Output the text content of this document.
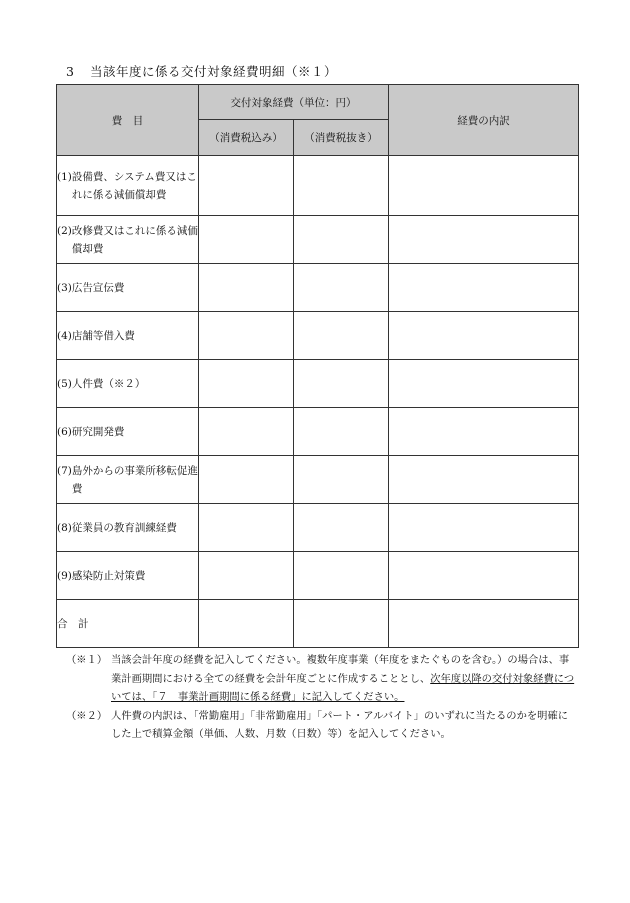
3 当該年度に係る交付対象経費明細（※１）
費　目	交付対象経費（単位：円）		経費の内訳
	（消費税込み）	（消費税抜き）	

(1) 設備費、システム費又はこれに係る減価償却費			

(2) 改修費又はこれに係る減価償却費			

(3) 広告宣伝費			

(4) 店舗等借入費			

(5) 人件費（※２）			

(6) 研究開発費			

(7) 島外からの事業所移転促進費			

(8) 従業員の教育訓練経費			

(9) 感染防止対策費			

合　計			
（※１） 当該会計年度の経費を記入してください。複数年度事業（年度をまたぐものを含む。）の場合は、事業計画期間における全ての経費を会計年度ごとに作成することとし、次年度以降の交付対象経費については、「７　事業計画期間に係る経費」に記入してください。
（※２） 人件費の内訳は、「常勤雇用」「非常勤雇用」「パート・アルバイト」のいずれに当たるのかを明確にした上で積算金額（単価、人数、月数（日数）等）を記入してください。
